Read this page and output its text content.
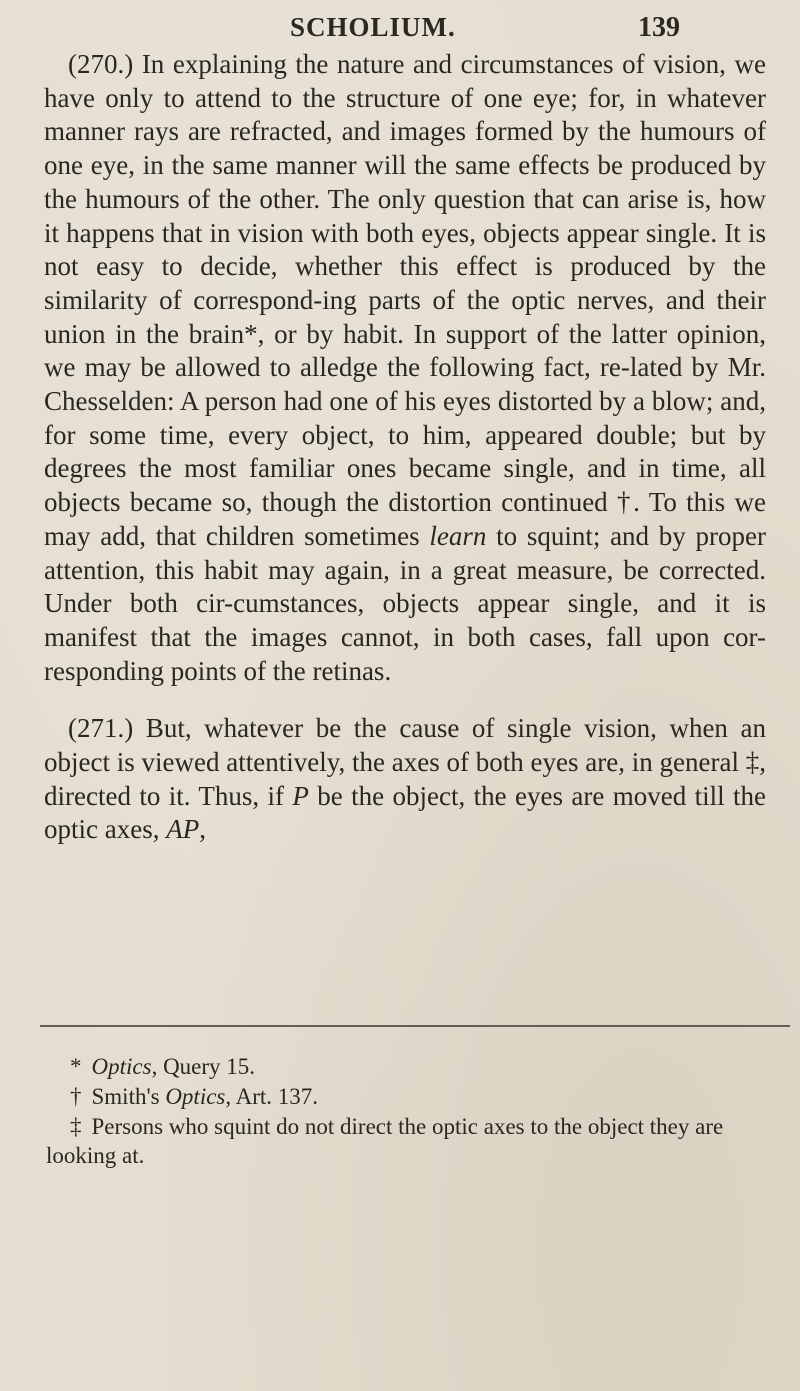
SCHOLIUM.	139

(270.) In explaining the nature and circumstances of vision, we have only to attend to the structure of one eye; for, in whatever manner rays are refracted, and images formed by the humours of one eye, in the same manner will the same effects be produced by the humours of the other. The only question that can arise is, how it happens that in vision with both eyes, objects appear single. It is not easy to decide, whether this effect is produced by the similarity of correspond-ing parts of the optic nerves, and their union in the brain*, or by habit. In support of the latter opinion, we may be allowed to alledge the following fact, re-lated by Mr. Chesselden: A person had one of his eyes distorted by a blow; and, for some time, every object, to him, appeared double; but by degrees the most familiar ones became single, and in time, all objects became so, though the distortion continued †. To this we may add, that children sometimes learn to squint; and by proper attention, this habit may again, in a great measure, be corrected. Under both cir-cumstances, objects appear single, and it is manifest that the images cannot, in both cases, fall upon cor-responding points of the retinas.

(271.) But, whatever be the cause of single vision, when an object is viewed attentively, the axes of both eyes are, in general ‡, directed to it. Thus, if P be the object, the eyes are moved till the optic axes, AP,

* Optics, Query 15.

† Smith's Optics, Art. 137.

‡ Persons who squint do not direct the optic axes to the object they are looking at.
